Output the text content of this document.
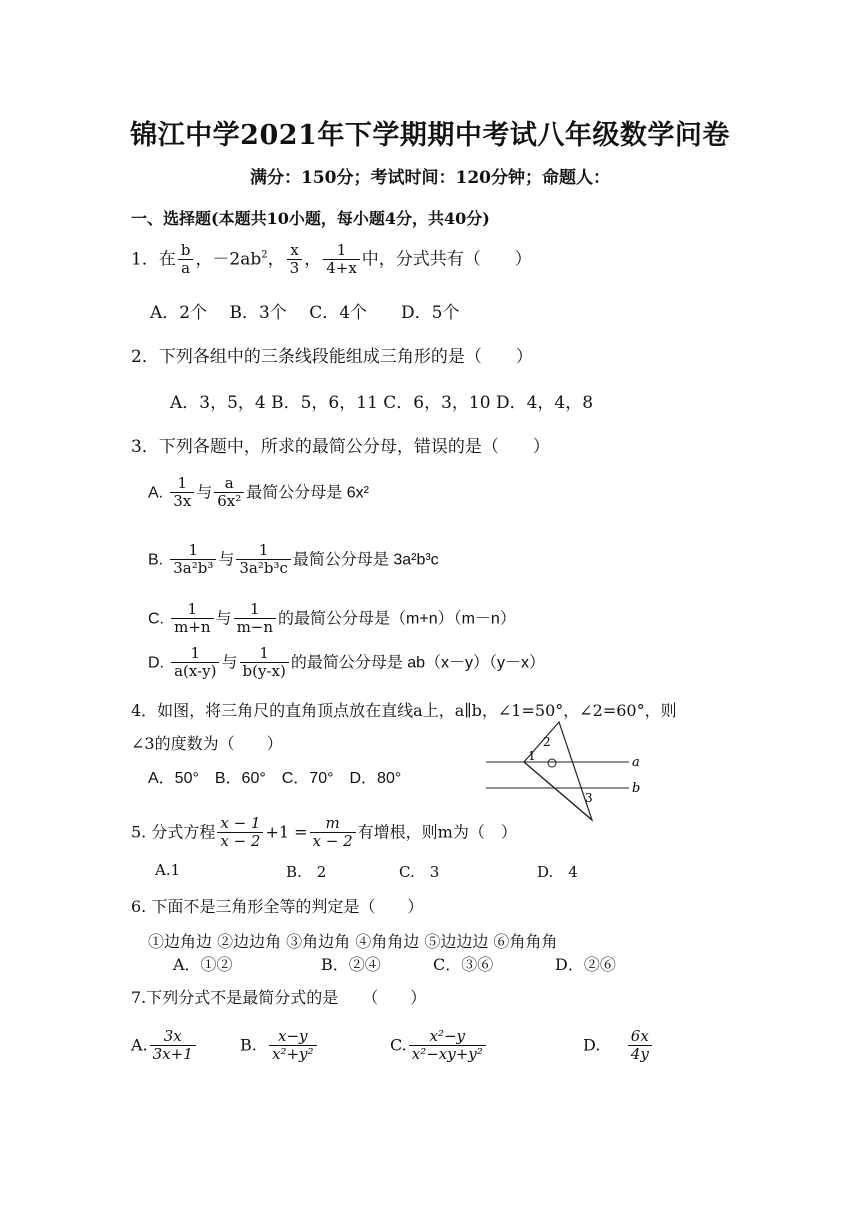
锦江中学2021年下学期期中考试八年级数学问卷
满分：150分；考试时间：120分钟；命题人：
一、选择题(本题共10小题，每小题4分，共40分)
1．在 $\frac{b}{a}$ ，$-2ab^2$， $\frac{x}{3}$ ， $\frac{1}{4+x}$ 中，分式共有（　　）
A．2个　 B．3个　 C．4个　　D．5个
2．下列各组中的三条线段能组成三角形的是（　　）
A．3，5，4 B．5，6，11 C．6，3，10 D．4，4，8
3．下列各题中，所求的最简公分母，错误的是（　　）
A. $\frac{1}{3x}$ 与 $\frac{a}{\text{6x²}}$ 最简公分母是 6x²
B. $\frac{1}{\text{3a²b³}}$ 与 $\frac{1}{\text{3a²b³c}}$ 最简公分母是 3a²b³c
C. $\frac{1}{m+n}$ 与 $\frac{1}{m-n}$ 的最简公分母是（m+n）（m－n）
D. $\frac{1}{a(x-y)}$ 与 $\frac{1}{b(y-x)}$ 的最简公分母是 ab（x－y）（y－x）
4．如图，将三角尺的直角顶点放在直线a上，a∥b，∠1=50°，∠2=60°，则
∠3的度数为（　　）
A．50°　B．60°　C．70°　D．80°
1
2
3
a
b
5. 分式方程 $\frac{x - 1}{x - 2} +1 = \frac{m}{x - 2}$ 有增根，则m为（　）
A.1	B.　2	C.　3	D.　4
6. 下面不是三角形全等的判定是（　　）
①边角边 ②边边角 ③角边角 ④角角边 ⑤边边边 ⑥角角角
A．①②	B．②④	C．③⑥	D．②⑥
7.下列分式不是最简分式的是　　（　　）
A. $\frac{3x}{3x+1}$	B. $\frac{x-y}{\text{x²+y²}}$	C. $\frac{\text{x²−y}}{\text{x²−xy+y²}}$	D. $\frac{6x}{4y}$
